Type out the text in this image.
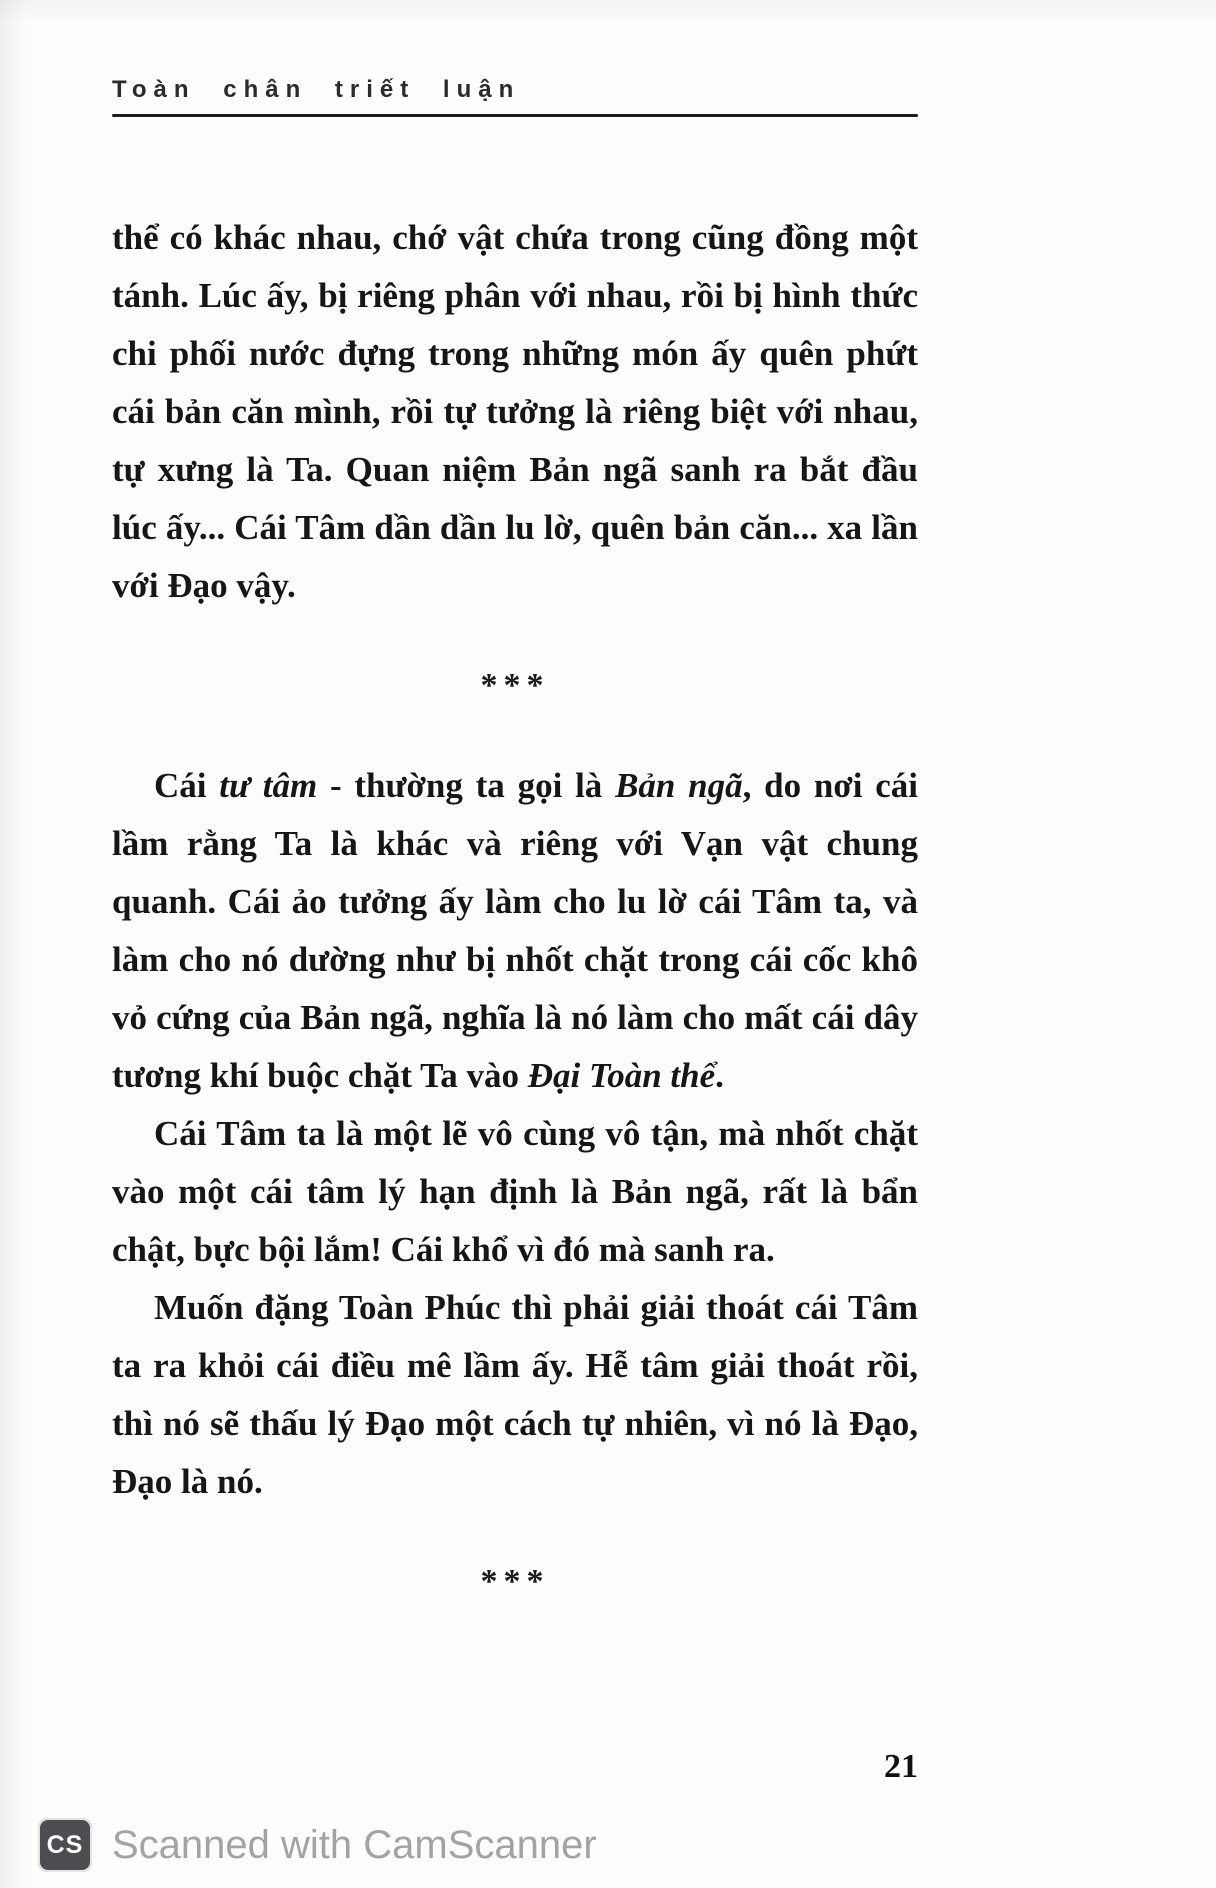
Toàn chân triết luận

thể có khác nhau, chớ vật chứa trong cũng đồng một tánh. Lúc ấy, bị riêng phân với nhau, rồi bị hình thức chi phối nước đựng trong những món ấy quên phứt cái bản căn mình, rồi tự tưởng là riêng biệt với nhau, tự xưng là Ta. Quan niệm Bản ngã sanh ra bắt đầu lúc ấy... Cái Tâm dần dần lu lờ, quên bản căn... xa lần với Đạo vậy.

***

Cái tư tâm - thường ta gọi là Bản ngã, do nơi cái lầm rằng Ta là khác và riêng với Vạn vật chung quanh. Cái ảo tưởng ấy làm cho lu lờ cái Tâm ta, và làm cho nó dường như bị nhốt chặt trong cái cốc khô vỏ cứng của Bản ngã, nghĩa là nó làm cho mất cái dây tương khí buộc chặt Ta vào Đại Toàn thể.

Cái Tâm ta là một lẽ vô cùng vô tận, mà nhốt chặt vào một cái tâm lý hạn định là Bản ngã, rất là bẩn chật, bực bội lắm! Cái khổ vì đó mà sanh ra.

Muốn đặng Toàn Phúc thì phải giải thoát cái Tâm ta ra khỏi cái điều mê lầm ấy. Hễ tâm giải thoát rồi, thì nó sẽ thấu lý Đạo một cách tự nhiên, vì nó là Đạo, Đạo là nó.

***
21
CS Scanned with CamScanner
